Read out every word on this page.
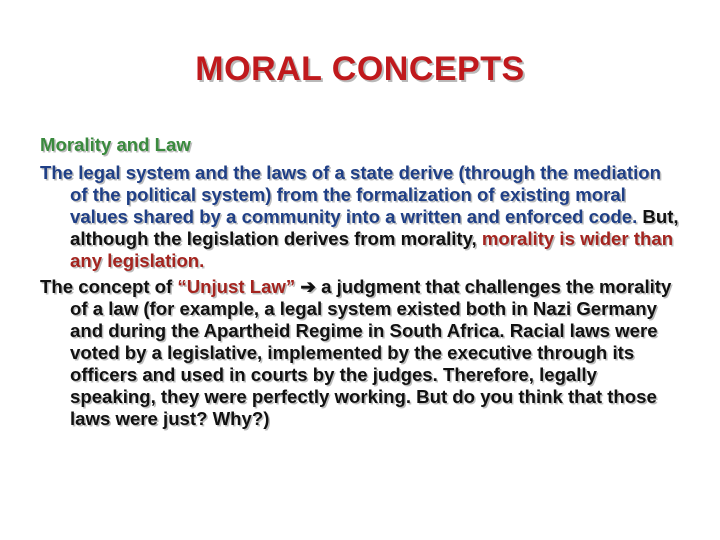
MORAL CONCEPTS

Morality and Law

The legal system and the laws of a state derive (through the mediation of the political system) from the formalization of existing moral values shared by a community into a written and enforced code. But, although the legislation derives from morality, morality is wider than any legislation.

The concept of “Unjust Law” ➔ a judgment that challenges the morality of a law (for example, a legal system existed both in Nazi Germany and during the Apartheid Regime in South Africa. Racial laws were voted by a legislative, implemented by the executive through its officers and used in courts by the judges. Therefore, legally speaking, they were perfectly working. But do you think that those laws were just? Why?)
